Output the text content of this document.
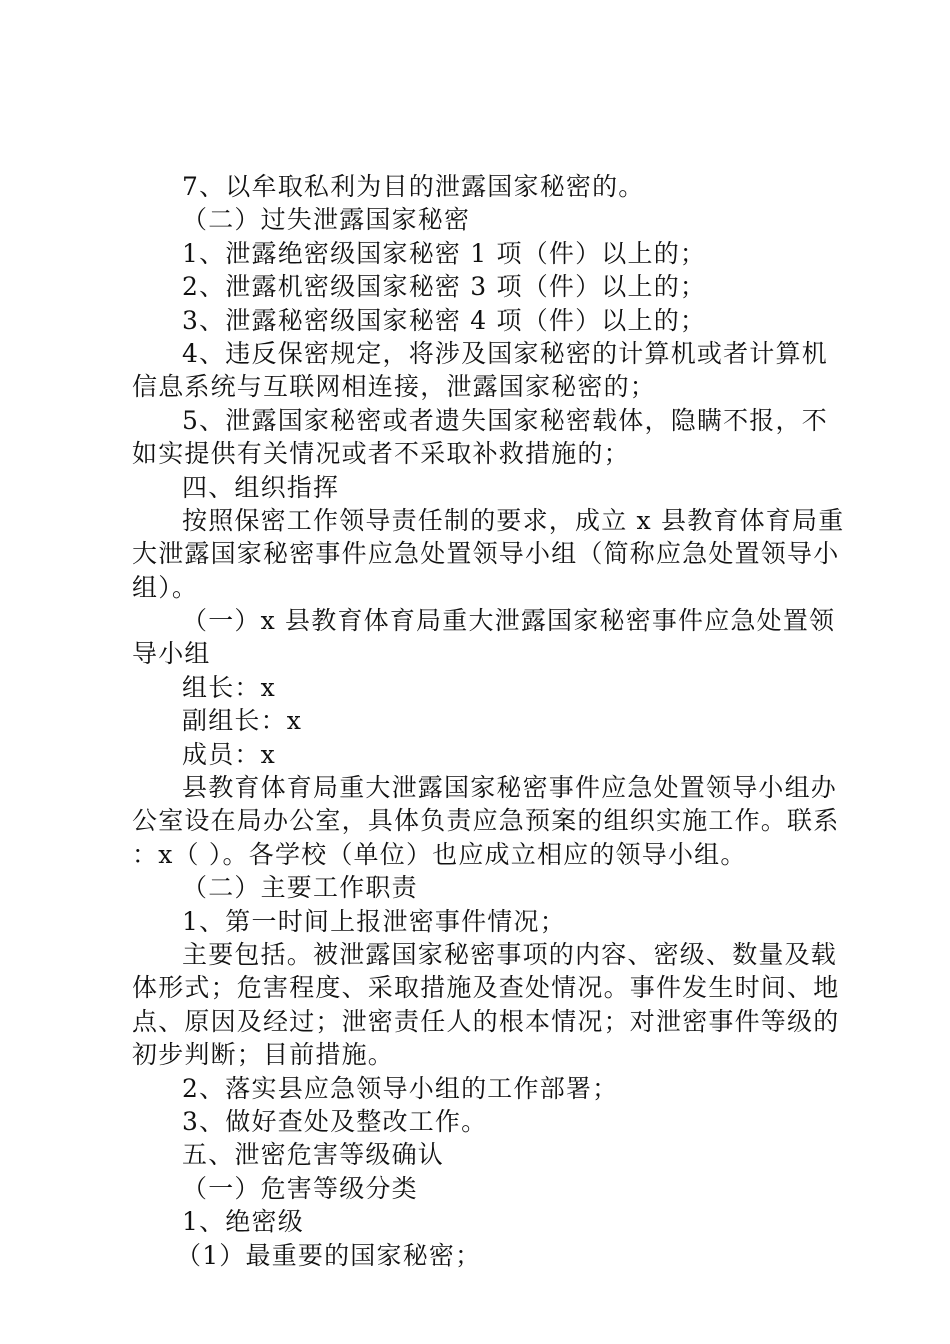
7、以牟取私利为目的泄露国家秘密的。
（二）过失泄露国家秘密
1、泄露绝密级国家秘密 1 项（件）以上的；
2、泄露机密级国家秘密 3 项（件）以上的；
3、泄露秘密级国家秘密 4 项（件）以上的；
4、违反保密规定，将涉及国家秘密的计算机或者计算机
信息系统与互联网相连接，泄露国家秘密的；
5、泄露国家秘密或者遗失国家秘密载体，隐瞒不报，不
如实提供有关情况或者不采取补救措施的；
四、组织指挥
按照保密工作领导责任制的要求，成立 x 县教育体育局重
大泄露国家秘密事件应急处置领导小组（简称应急处置领导小
组）。
（一）x 县教育体育局重大泄露国家秘密事件应急处置领
导小组
组长：x
副组长：x
成员：x
县教育体育局重大泄露国家秘密事件应急处置领导小组办
公室设在局办公室，具体负责应急预案的组织实施工作。联系
：x（ ）。各学校（单位）也应成立相应的领导小组。
（二）主要工作职责
1、第一时间上报泄密事件情况；
主要包括。被泄露国家秘密事项的内容、密级、数量及载
体形式；危害程度、采取措施及查处情况。事件发生时间、地
点、原因及经过；泄密责任人的根本情况；对泄密事件等级的
初步判断；目前措施。
2、落实县应急领导小组的工作部署；
3、做好查处及整改工作。
五、泄密危害等级确认
（一）危害等级分类
1、绝密级
（1）最重要的国家秘密；
